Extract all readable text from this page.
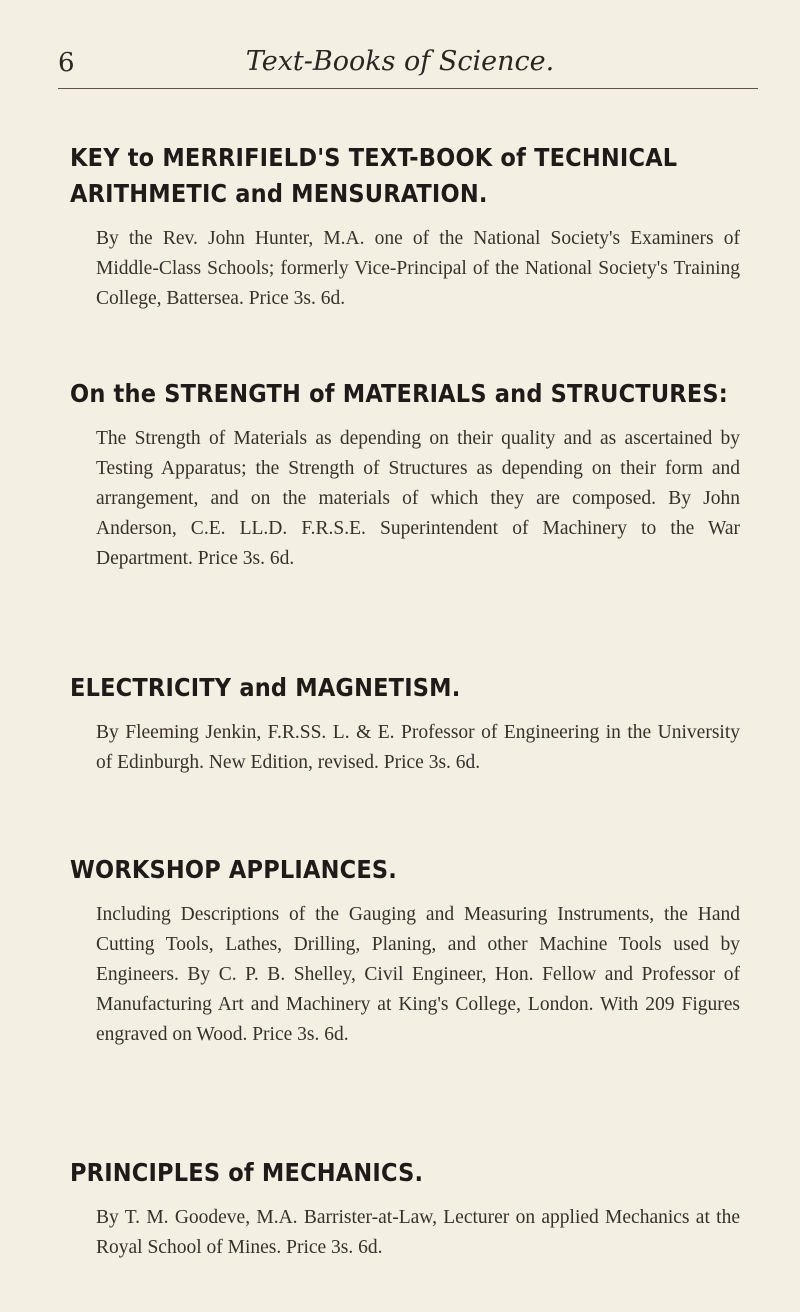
6	Text-Books of Science.
KEY to MERRIFIELD'S TEXT-BOOK of TECHNICAL
ARITHMETIC and MENSURATION.

By the Rev. John Hunter, M.A. one of the National Society's Examiners of Middle-Class Schools; formerly Vice-Principal of the National Society's Training College, Battersea. Price 3s. 6d.

On the STRENGTH of MATERIALS and STRUCTURES:

The Strength of Materials as depending on their quality and as ascertained by Testing Apparatus; the Strength of Structures as depending on their form and arrangement, and on the materials of which they are composed. By John Anderson, C.E. LL.D. F.R.S.E. Superintendent of Machinery to the War Department. Price 3s. 6d.

ELECTRICITY and MAGNETISM.

By Fleeming Jenkin, F.R.SS. L. & E. Professor of Engineering in the University of Edinburgh. New Edition, revised. Price 3s. 6d.

WORKSHOP APPLIANCES.

Including Descriptions of the Gauging and Measuring Instruments, the Hand Cutting Tools, Lathes, Drilling, Planing, and other Machine Tools used by Engineers. By C. P. B. Shelley, Civil Engineer, Hon. Fellow and Professor of Manufacturing Art and Machinery at King's College, London. With 209 Figures engraved on Wood. Price 3s. 6d.

PRINCIPLES of MECHANICS.

By T. M. Goodeve, M.A. Barrister-at-Law, Lecturer on applied Mechanics at the Royal School of Mines. Price 3s. 6d.
